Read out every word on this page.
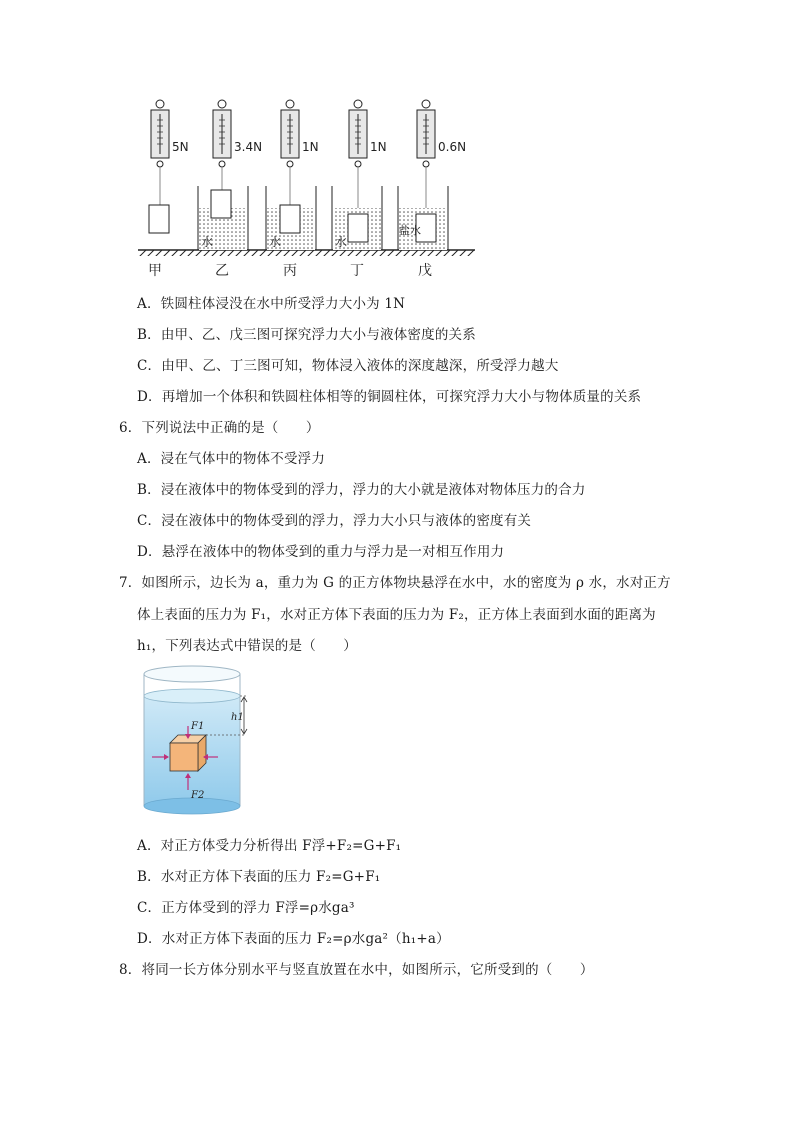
5N	3.4N	1N	1N	0.6N
水	水	水
盐水
甲	乙	丙	丁	戊
A．铁圆柱体浸没在水中所受浮力大小为 1N
B．由甲、乙、戊三图可探究浮力大小与液体密度的关系
C．由甲、乙、丁三图可知，物体浸入液体的深度越深，所受浮力越大
D．再增加一个体积和铁圆柱体相等的铜圆柱体，可探究浮力大小与物体质量的关系
6．下列说法中正确的是（　　）
A．浸在气体中的物体不受浮力
B．浸在液体中的物体受到的浮力，浮力的大小就是液体对物体压力的合力
C．浸在液体中的物体受到的浮力，浮力大小只与液体的密度有关
D．悬浮在液体中的物体受到的重力与浮力是一对相互作用力
7．如图所示，边长为 a，重力为 G 的正方体物块悬浮在水中，水的密度为 ρ 水，水对正方
体上表面的压力为 F₁，水对正方体下表面的压力为 F₂，正方体上表面到水面的距离为
h₁，下列表达式中错误的是（　　）
h1
F1
F2
A．对正方体受力分析得出 F浮+F₂=G+F₁
B．水对正方体下表面的压力 F₂=G+F₁
C．正方体受到的浮力 F浮=ρ水ga³
D．水对正方体下表面的压力 F₂=ρ水ga²（h₁+a）
8．将同一长方体分别水平与竖直放置在水中，如图所示，它所受到的（　　）
